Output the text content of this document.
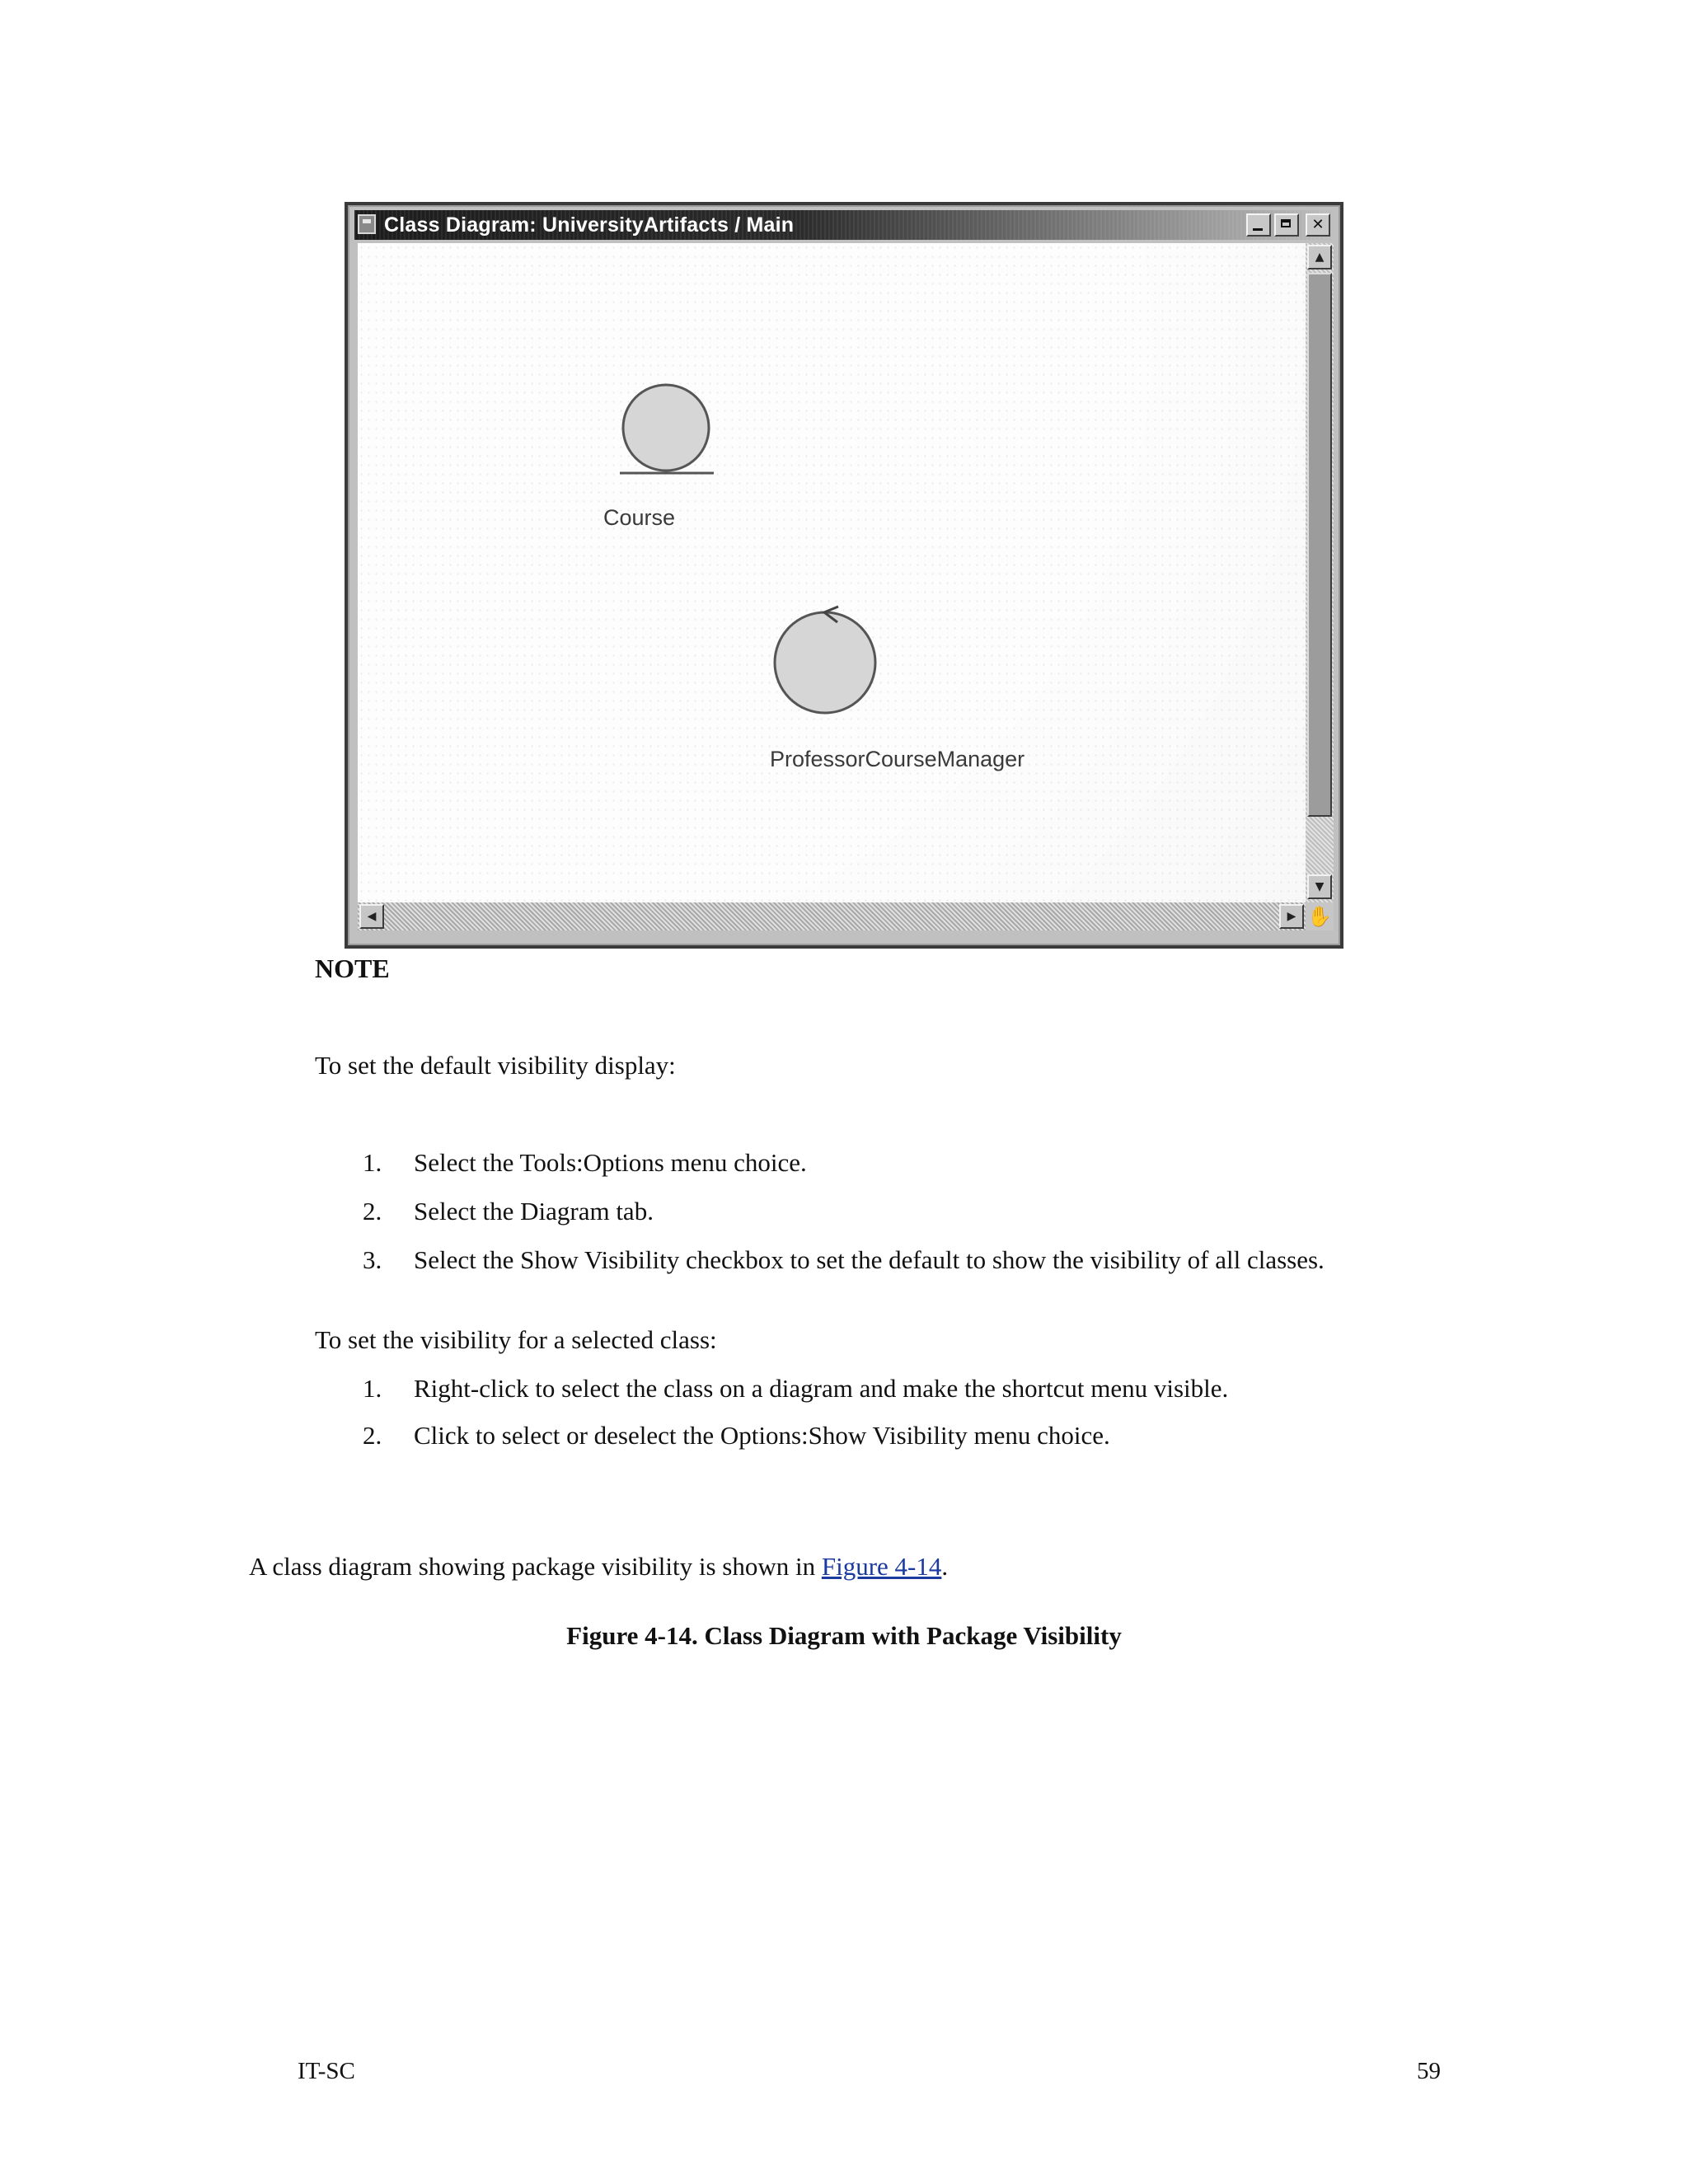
Class Diagram: UniversityArtifacts / Main	✕
Course
ProfessorCourseManager
▲
▼
◀	▶ ✋
NOTE
To set the default visibility display:
1.	Select the Tools:Options menu choice.
2.	Select the Diagram tab.
3.	Select the Show Visibility checkbox to set the default to show the visibility of all classes.
To set the visibility for a selected class:
1.	Right-click to select the class on a diagram and make the shortcut menu visible.
2.	Click to select or deselect the Options:Show Visibility menu choice.
A class diagram showing package visibility is shown in Figure 4-14.
Figure 4-14. Class Diagram with Package Visibility
IT-SC	59
